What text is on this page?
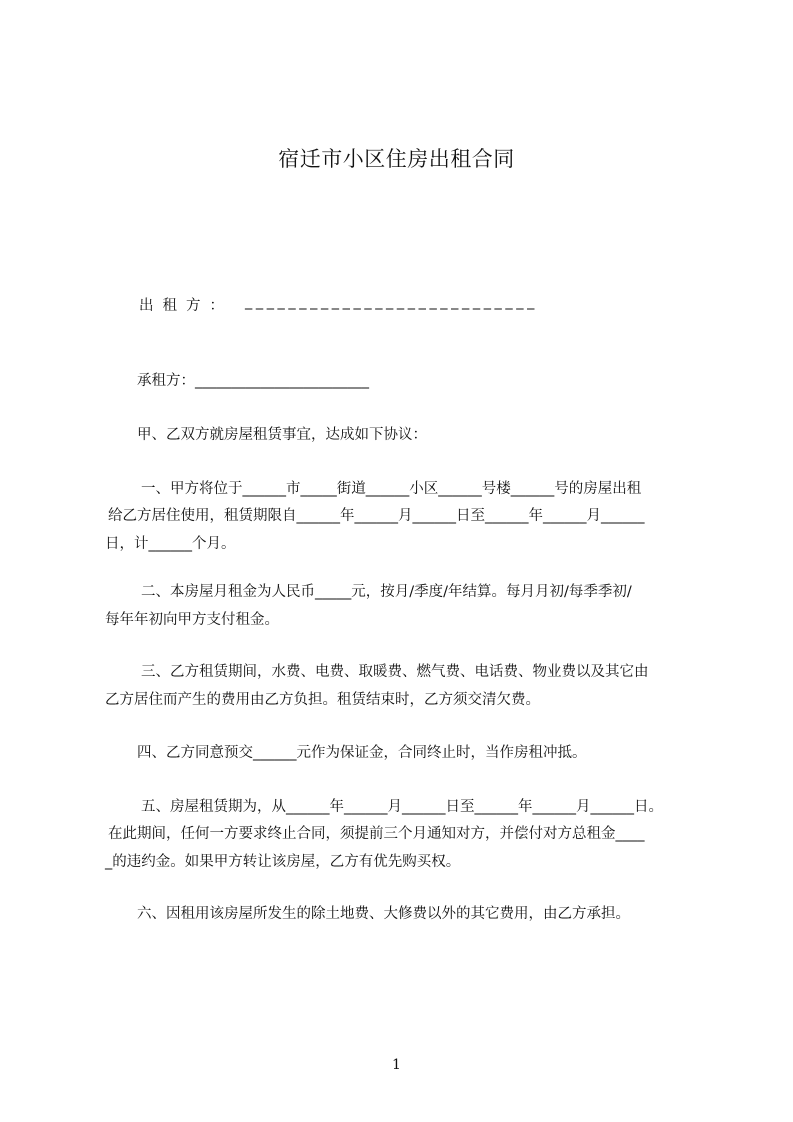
宿迁市小区住房出租合同
出租方： ___________________________
承租方：________________________
甲、乙双方就房屋租赁事宜，达成如下协议：
一、甲方将位于______市_____街道______小区______号楼______号的房屋出租
给乙方居住使用，租赁期限自______年______月______日至______年______月______
日，计______个月。
二、本房屋月租金为人民币_____元，按月/季度/年结算。每月月初/每季季初/
每年年初向甲方支付租金。
三、乙方租赁期间，水费、电费、取暖费、燃气费、电话费、物业费以及其它由
乙方居住而产生的费用由乙方负担。租赁结束时，乙方须交清欠费。
四、乙方同意预交______元作为保证金，合同终止时，当作房租冲抵。
五、房屋租赁期为，从______年______月______日至______年______月______日。
在此期间，任何一方要求终止合同，须提前三个月通知对方，并偿付对方总租金____
_的违约金。如果甲方转让该房屋，乙方有优先购买权。
六、因租用该房屋所发生的除土地费、大修费以外的其它费用，由乙方承担。
1
